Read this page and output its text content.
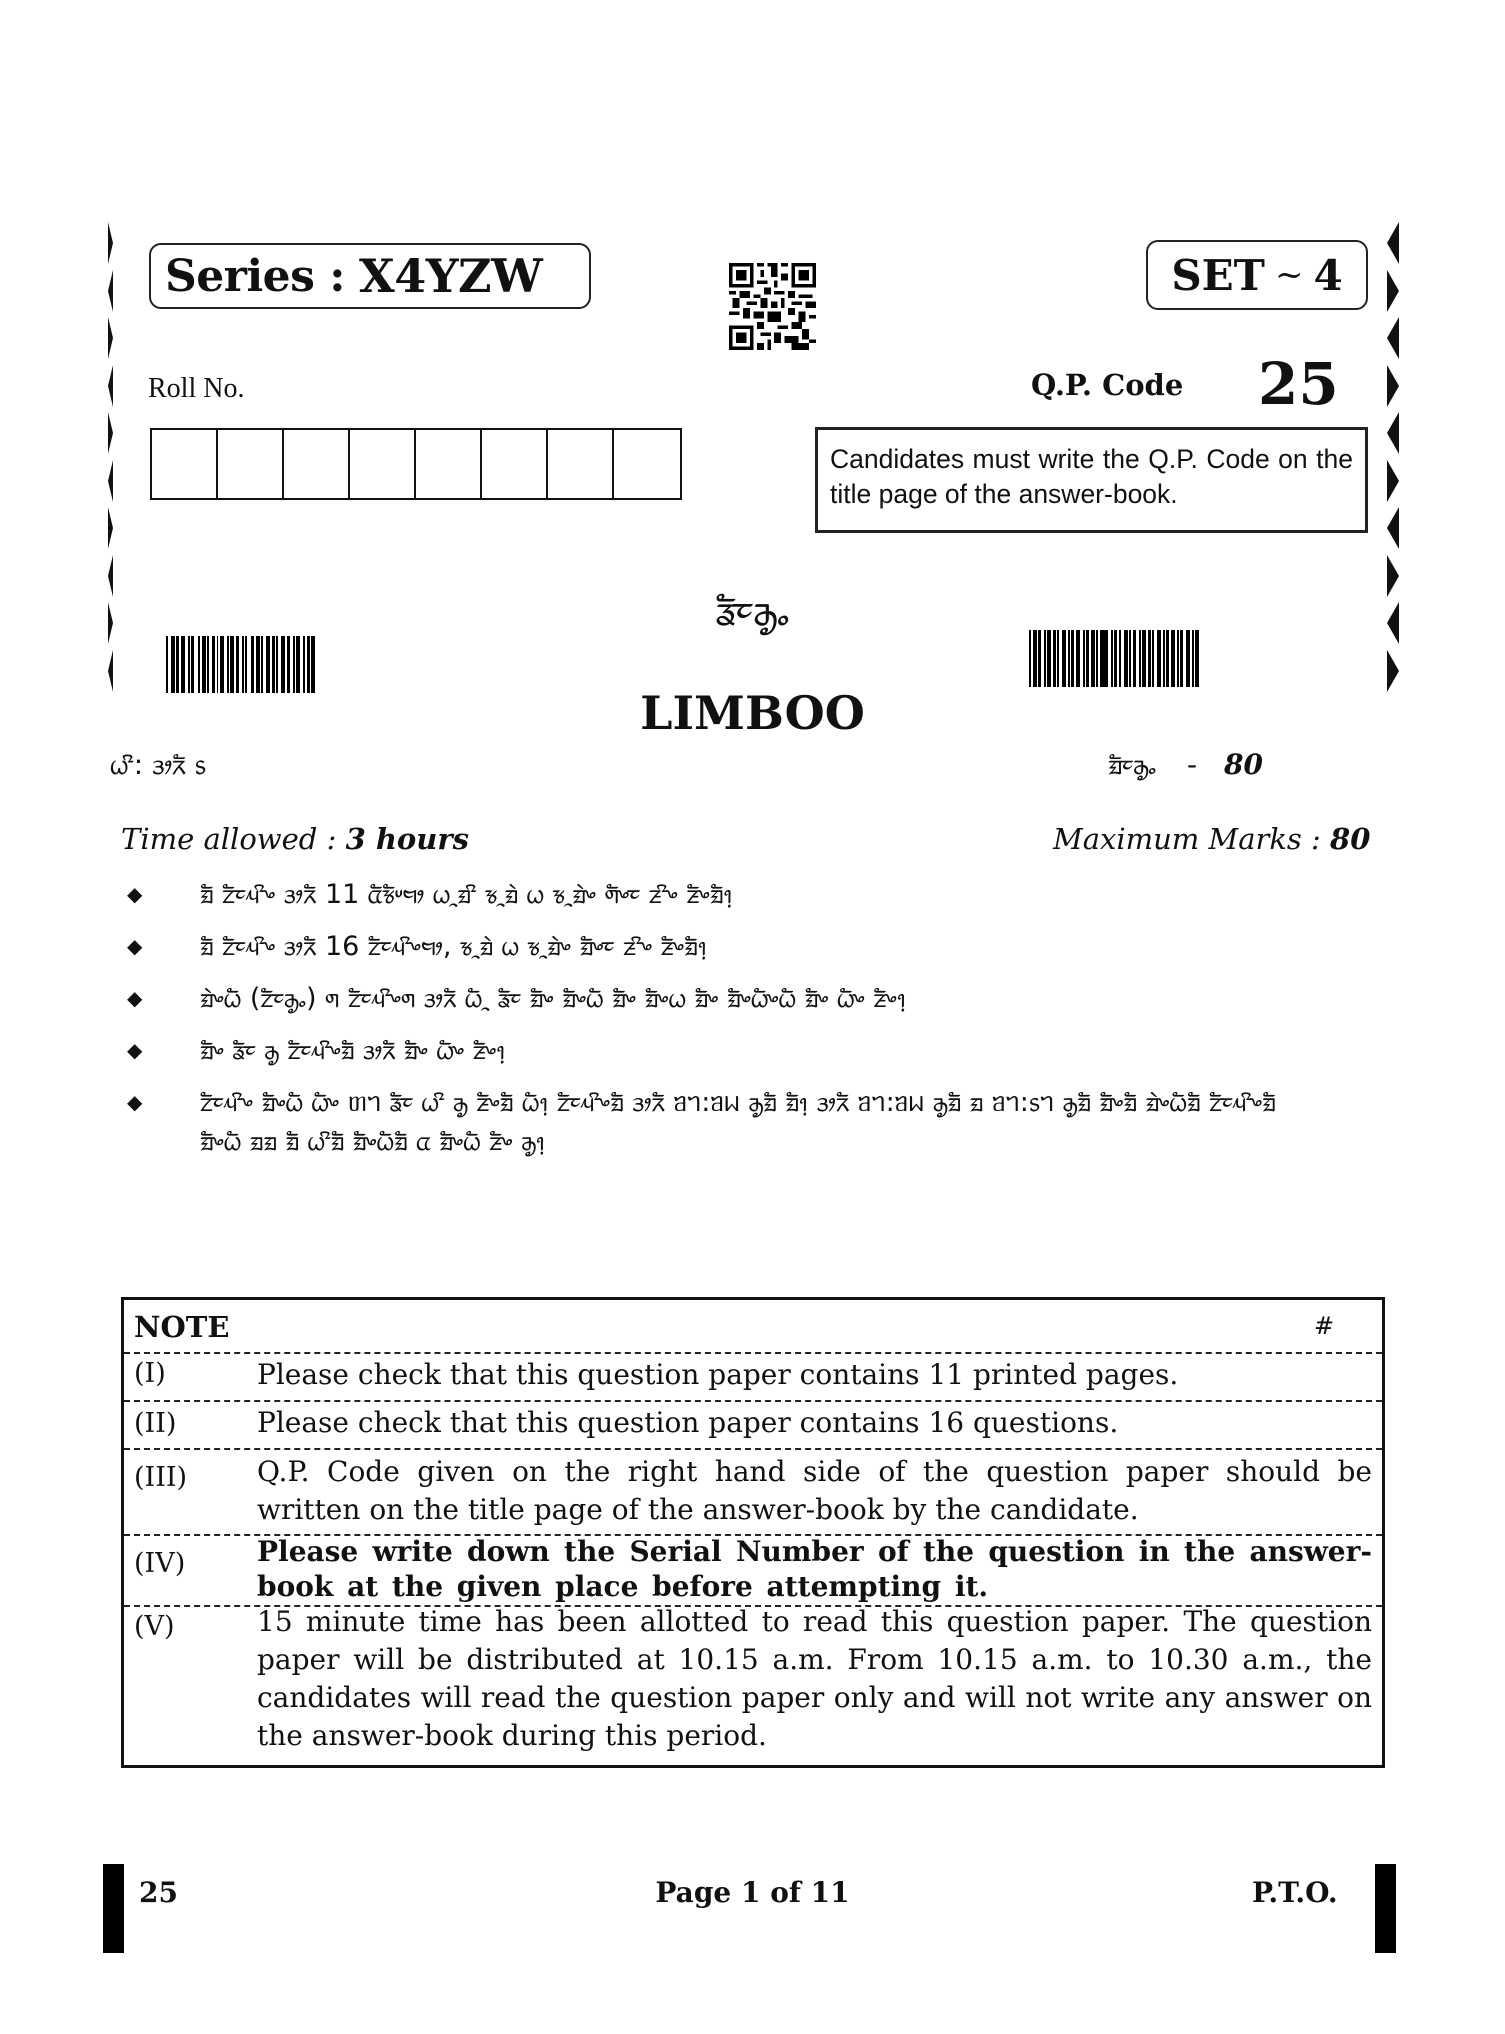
Series : X4YZW	SET ~ 4
Roll No.	Q.P. Code 25
Candidates must write the Q.P. Code on the title page of the answer-book.
ᤕᤠᤰᤌᤢᤱ
LIMBOO
ᤐᤡ: ᤋᤣᤖᤠ ᥉	ᤀᤠᤰᤌᤢᤱ - 80
Time allowed : 3 hours	Maximum Marks : 80
◆ ᤀᤠ ᤁᤠᤰᤘᤡᤴ ᤋᤣᤖᤠ 11 ᤂᤠᤃᤠᤸᤗᤣ ᤐᤳᤀᤡ ᤃᤳᤀᤧ ᤐ ᤃᤳᤀᤧᤴ ᤛᤠᤴᤰ ᤏᤡᤴ ᤏᤠᤴᤀᤠ᥄
◆ ᤀᤠ ᤁᤠᤰᤘᤡᤴ ᤋᤣᤖᤠ 16 ᤁᤠᤰᤘᤡᤴᤗᤣ, ᤃᤳᤀᤧ ᤐ ᤃᤳᤀᤧᤴ ᤀᤠᤴᤰ ᤏᤡᤴ ᤏᤠᤴᤀᤠ᥄
◆ ᤀᤧᤴᤐᤠ (ᤁᤠᤰᤌᤢᤱ) ᤛ ᤁᤠᤰᤘᤡᤴᤛ ᤋᤣᤖᤠ ᤐᤠᤳ ᤕᤠᤰ ᤀᤠᤴ ᤀᤠᤴᤐᤠ ᤀᤠᤴ ᤀᤠᤴᤐ ᤀᤠᤴ ᤀᤠᤴᤐᤠᤴᤐᤠ ᤀᤠᤴ ᤐᤠᤴ ᤏᤠᤴ᥄
◆ ᤀᤠᤴ ᤕᤠᤰ ᤌᤢ ᤁᤠᤰᤘᤡᤴᤀᤠ ᤋᤣᤖᤠ ᤀᤠᤴ ᤐᤠᤴ ᤏᤠᤴ᥄
◆ ᤁᤠᤰᤘᤡᤴ ᤀᤠᤴᤐᤠ ᤐᤠᤴ ᥖᥐ ᤕᤠᤰ ᤐᤡ ᤌᤢ ᤏᤠᤴᤀᤠ ᤐᤠ᥄ ᤁᤠᤰᤘᤡᤴᤀᤠ ᤋᤣᤖᤠ ᥑᥐ:ᥑᥕ ᤌᤢᤀᤠ ᤀᤠ᥄ ᤋᤣᤖᤠ ᥑᥐ:ᥑᥕ ᤌᤢᤀᤠ ᤀ ᥑᥐ:᥉ᥐ ᤌᤢᤀᤠ ᤀᤠᤴᤀᤠ ᤀᤧᤴᤐᤠᤀᤠ ᤁᤠᤰᤘᤡᤴᤀᤠ ᤀᤠᤴᤐᤠ ᤀᤀ ᤀᤠ ᤐᤡᤀᤠ ᤀᤠᤴᤐᤠᤀᤠ ᤂ ᤀᤠᤴᤐᤠ ᤏᤠᤴ ᤌᤢ᥄
NOTE	#
(I)	Please check that this question paper contains 11 printed pages.
(II)	Please check that this question paper contains 16 questions.
(III) Q.P. Code given on the right hand side of the question paper should be written on the title page of the answer-book by the candidate.
(IV)	Please write down the Serial Number of the question in the answer-book at the given place before attempting it.
(V)	15 minute time has been allotted to read this question paper. The question paper will be distributed at 10.15 a.m. From 10.15 a.m. to 10.30 a.m., the candidates will read the question paper only and will not write any answer on the answer-book during this period.
25	Page 1 of 11	P.T.O.
